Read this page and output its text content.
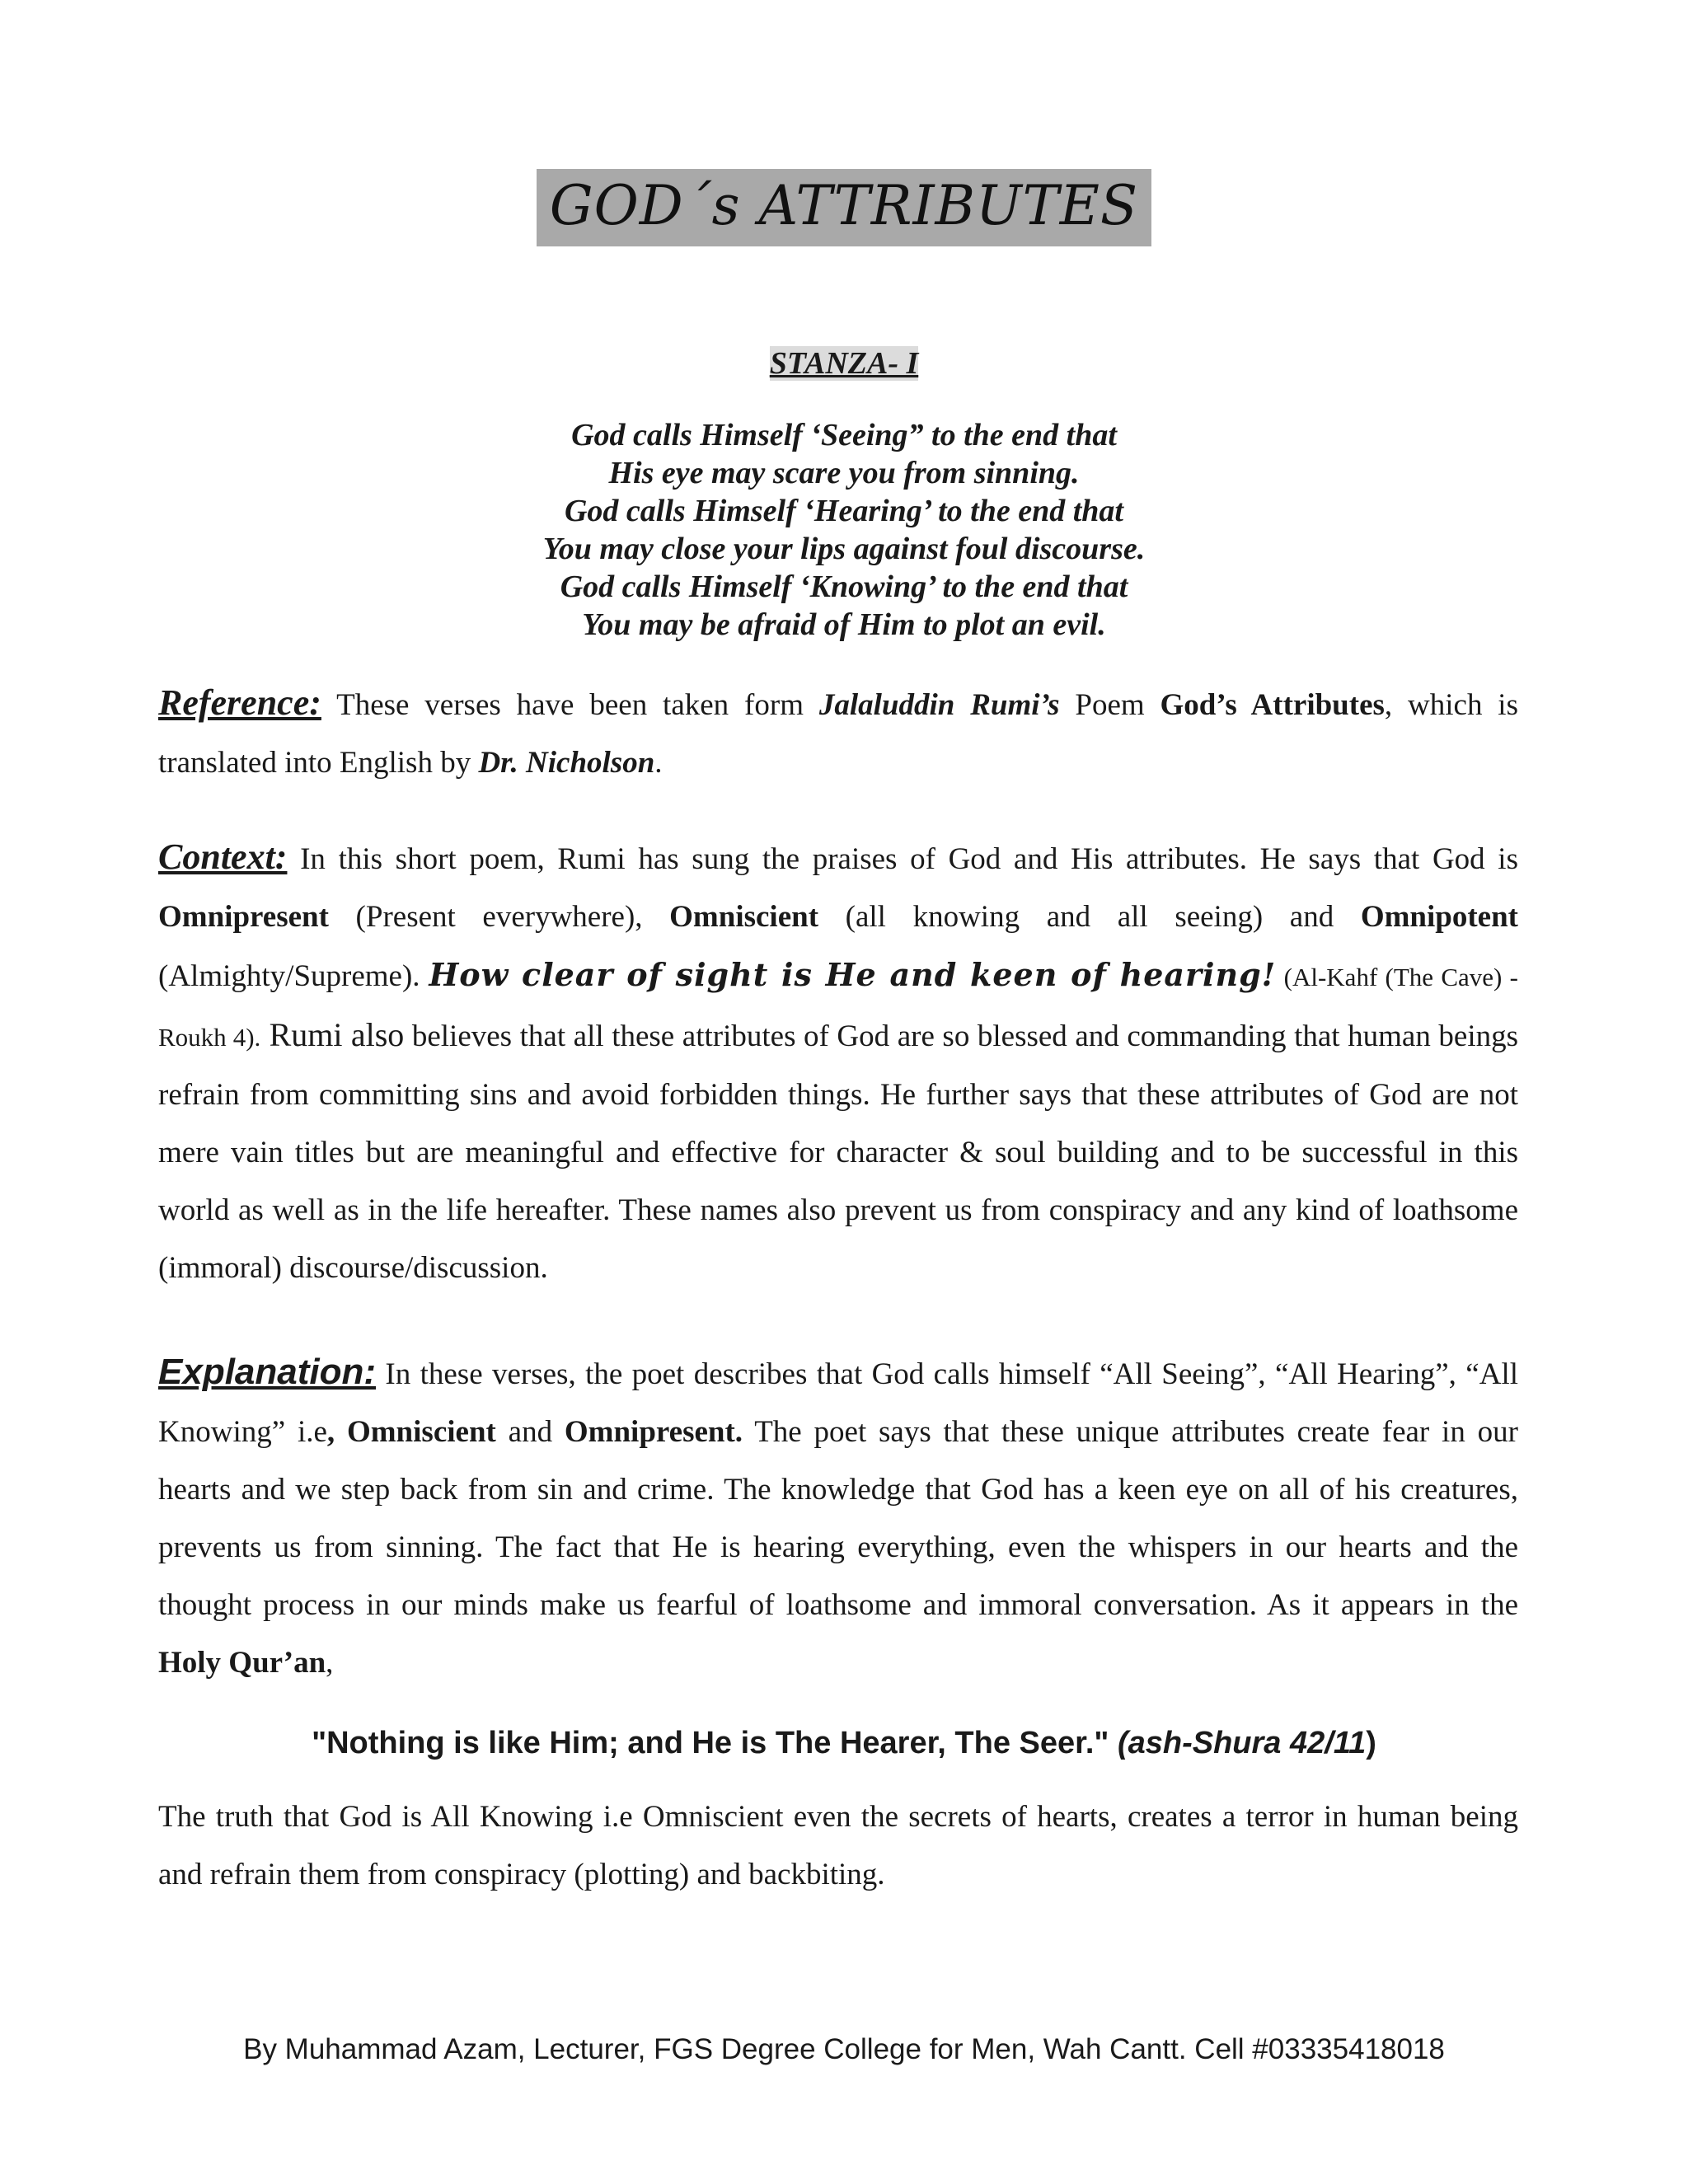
GOD´s ATTRIBUTES
STANZA- I
God calls Himself ‘Seeing” to the end that
His eye may scare you from sinning.
God calls Himself ‘Hearing’ to the end that
You may close your lips against foul discourse.
God calls Himself ‘Knowing’ to the end that
You may be afraid of Him to plot an evil.
Reference: These verses have been taken form Jalaluddin Rumi’s Poem God’s Attributes, which is translated into English by Dr. Nicholson.
Context: In this short poem, Rumi has sung the praises of God and His attributes. He says that God is Omnipresent (Present everywhere), Omniscient (all knowing and all seeing) and Omnipotent (Almighty/Supreme). How clear of sight is He and keen of hearing! (Al-Kahf (The Cave) - Roukh 4). Rumi also believes that all these attributes of God are so blessed and commanding that human beings refrain from committing sins and avoid forbidden things. He further says that these attributes of God are not mere vain titles but are meaningful and effective for character & soul building and to be successful in this world as well as in the life hereafter. These names also prevent us from conspiracy and any kind of loathsome (immoral) discourse/discussion.
Explanation: In these verses, the poet describes that God calls himself “All Seeing”, “All Hearing”, “All Knowing” i.e, Omniscient and Omnipresent. The poet says that these unique attributes create fear in our hearts and we step back from sin and crime. The knowledge that God has a keen eye on all of his creatures, prevents us from sinning. The fact that He is hearing everything, even the whispers in our hearts and the thought process in our minds make us fearful of loathsome and immoral conversation. As it appears in the Holy Qur’an,
"Nothing is like Him; and He is The Hearer, The Seer." (ash-Shura 42/11)
The truth that God is All Knowing i.e Omniscient even the secrets of hearts, creates a terror in human being and refrain them from conspiracy (plotting) and backbiting.
By Muhammad Azam, Lecturer, FGS Degree College for Men, Wah Cantt. Cell #03335418018
